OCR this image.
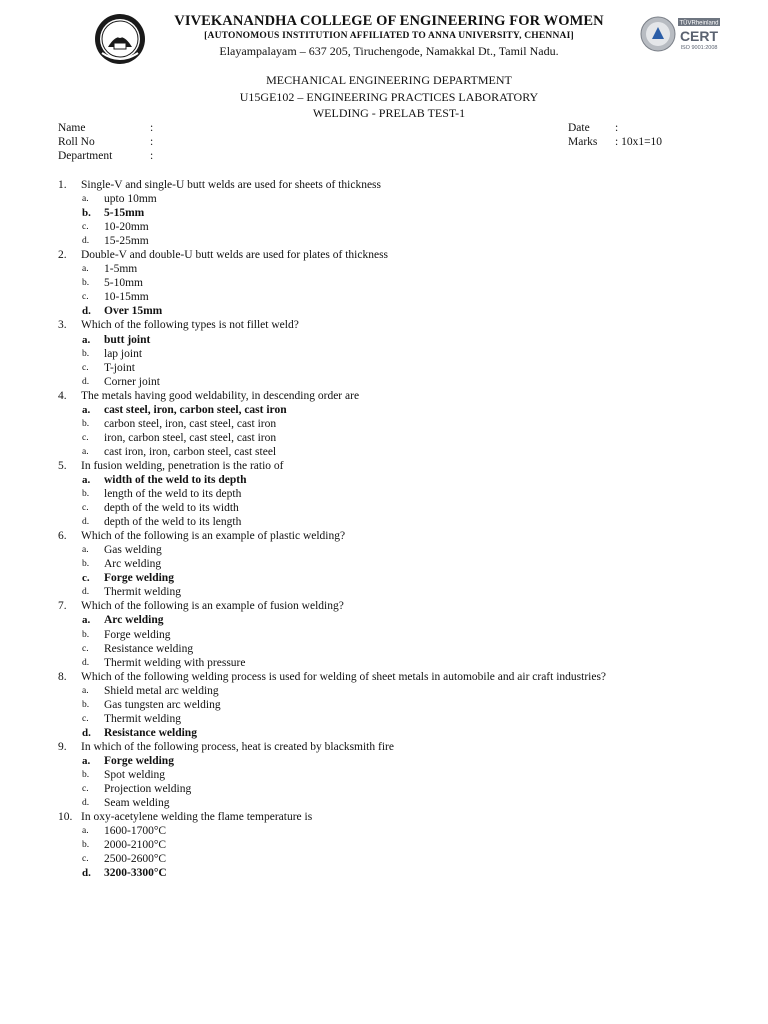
TÜVRheinland
CERT
ISO 9001:2008
VIVEKANANDHA COLLEGE OF ENGINEERING FOR WOMEN
[AUTONOMOUS INSTITUTION AFFILIATED TO ANNA UNIVERSITY, CHENNAI]
Elayampalayam – 637 205, Tiruchengode, Namakkal Dt., Tamil Nadu.
MECHANICAL ENGINEERING DEPARTMENT
U15GE102 – ENGINEERING PRACTICES LABORATORY
WELDING - PRELAB TEST-1
Name	:
Roll No	:
Department	:
Date :
Marks : 10x1=10
1. Single-V and single-U butt welds are used for sheets of thickness
a. upto 10mm
b. 5-15mm
c. 10-20mm
d. 15-25mm
2. Double-V and double-U butt welds are used for plates of thickness
a. 1-5mm
b. 5-10mm
c. 10-15mm
d. Over 15mm
3. Which of the following types is not fillet weld?
a. butt joint
b. lap joint
c. T-joint
d. Corner joint
4. The metals having good weldability, in descending order are
a. cast steel, iron, carbon steel, cast iron
b. carbon steel, iron, cast steel, cast iron
c. iron, carbon steel, cast steel, cast iron
a. cast iron, iron, carbon steel, cast steel
5. In fusion welding, penetration is the ratio of
a. width of the weld to its depth
b. length of the weld to its depth
c. depth of the weld to its width
d. depth of the weld to its length
6. Which of the following is an example of plastic welding?
a. Gas welding
b. Arc welding
c. Forge welding
d. Thermit welding
7. Which of the following is an example of fusion welding?
a. Arc welding
b. Forge welding
c. Resistance welding
d. Thermit welding with pressure
8. Which of the following welding process is used for welding of sheet metals in automobile and air craft industries?
a. Shield metal arc welding
b. Gas tungsten arc welding
c. Thermit welding
d. Resistance welding
9. In which of the following process, heat is created by blacksmith fire
a. Forge welding
b. Spot welding
c. Projection welding
d. Seam welding
10. In oxy-acetylene welding the flame temperature is
a. 1600-1700°C
b. 2000-2100°C
c. 2500-2600°C
d. 3200-3300°C
